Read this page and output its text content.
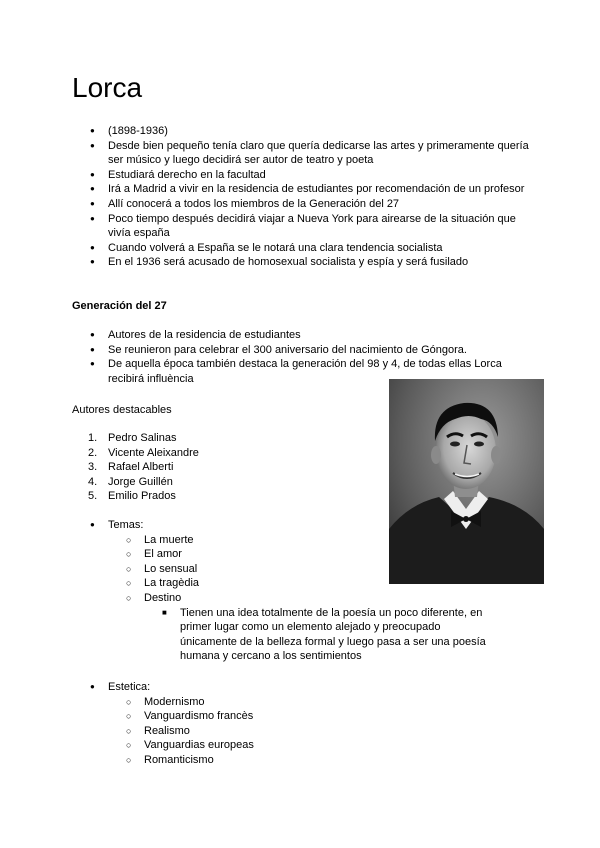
Lorca
● (1898-1936)
● Desde bien pequeño tenía claro que quería dedicarse las artes y primeramente quería ser músico y luego decidirá ser autor de teatro y poeta
● Estudiará derecho en la facultad
● Irá a Madrid a vivir en la residencia de estudiantes por recomendación de un profesor
● Allí conocerá a todos los miembros de la Generación del 27
● Poco tiempo después decidirá viajar a Nueva York para airearse de la situación que vivía españa
● Cuando volverá a España se le notará una clara tendencia socialista
● En el 1936 será acusado de homosexual socialista y espía y será fusilado
Generación del 27
● Autores de la residencia de estudiantes
● Se reunieron para celebrar el 300 aniversario del nacimiento de Góngora.
● De aquella época también destaca la generación del 98 y 4, de todas ellas Lorca recibirá influència
Autores destacables
1. Pedro Salinas
2. Vicente Aleixandre
3. Rafael Alberti
4. Jorge Guillén
5. Emilio Prados
● Temas:
○ La muerte
○ El amor
○ Lo sensual
○ La tragèdia
○ Destino
■ Tienen una idea totalmente de la poesía un poco diferente, en primer lugar como un elemento alejado y preocupado únicamente de la belleza formal y luego pasa a ser una poesía humana y cercano a los sentimientos
● Estetica:
○ Modernismo
○ Vanguardismo francès
○ Realismo
○ Vanguardias europeas
○ Romanticismo
